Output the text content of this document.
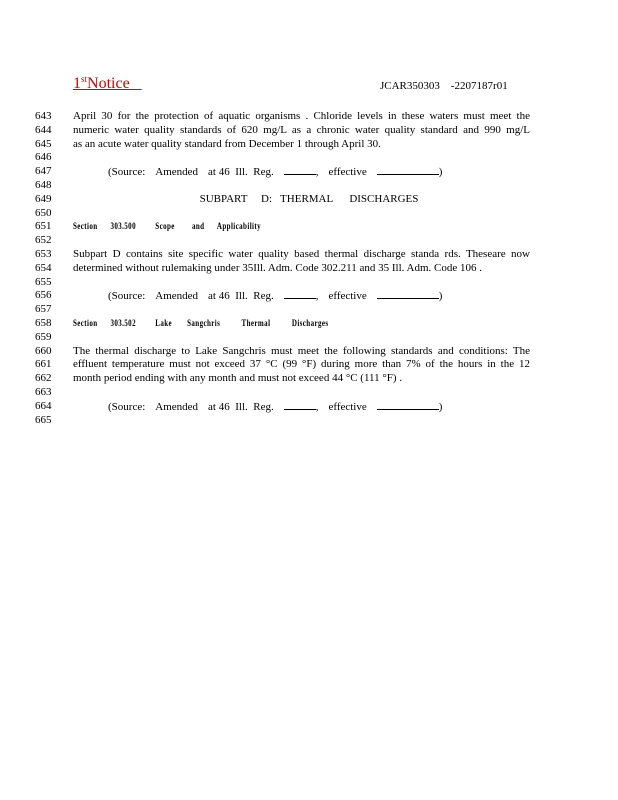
1stNotice	JCAR350303    -2207187r01
643	April 30 for the protection of aquatic organisms . Chloride levels in these waters must meet the
644	numeric water quality standards of 620 mg/L as a chronic water quality standard and 990 mg/L
645	as an acute water quality standard from December 1 through April 30.
646
647	(Source: Amended at 46  Ill.  Reg.	, effective	)
648
649	SUBPART     D:   THERMAL      DISCHARGES
650
651	Section      303.500         Scope        and      Applicability
652
653	Subpart D contains site specific water quality based thermal discharge standa rds. Theseare now
654	determined without rulemaking under 35Ill. Adm. Code 302.211 and 35 Ill. Adm. Code 106 .
655
656	(Source: Amended at 46  Ill.  Reg.	, effective	)
657
658	Section      303.502         Lake       Sangchris          Thermal          Discharges
659
660	The thermal discharge to Lake Sangchris must meet the following standards and conditions: The
661	effluent temperature must not exceed 37 °C (99 °F) during more than 7% of the hours in the 12
662	month period ending with any month and must not exceed 44 °C (111 °F) .
663
664	(Source: Amended at 46  Ill.  Reg.	, effective	)
665
